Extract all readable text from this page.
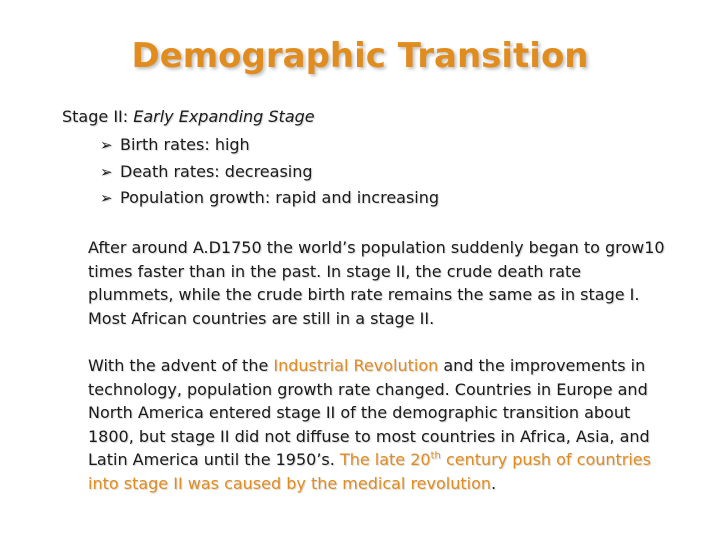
Demographic Transition
Stage II: Early Expanding Stage
➢ Birth rates: high
➢ Death rates: decreasing
➢ Population growth: rapid and increasing

After around A.D1750 the world’s population suddenly began to grow10 times faster than in the past. In stage II, the crude death rate plummets, while the crude birth rate remains the same as in stage I. Most African countries are still in a stage II.

With the advent of the Industrial Revolution and the improvements in technology, population growth rate changed. Countries in Europe and North America entered stage II of the demographic transition about 1800, but stage II did not diffuse to most countries in Africa, Asia, and Latin America until the 1950’s. The late 20th century push of countries into stage II was caused by the medical revolution.
